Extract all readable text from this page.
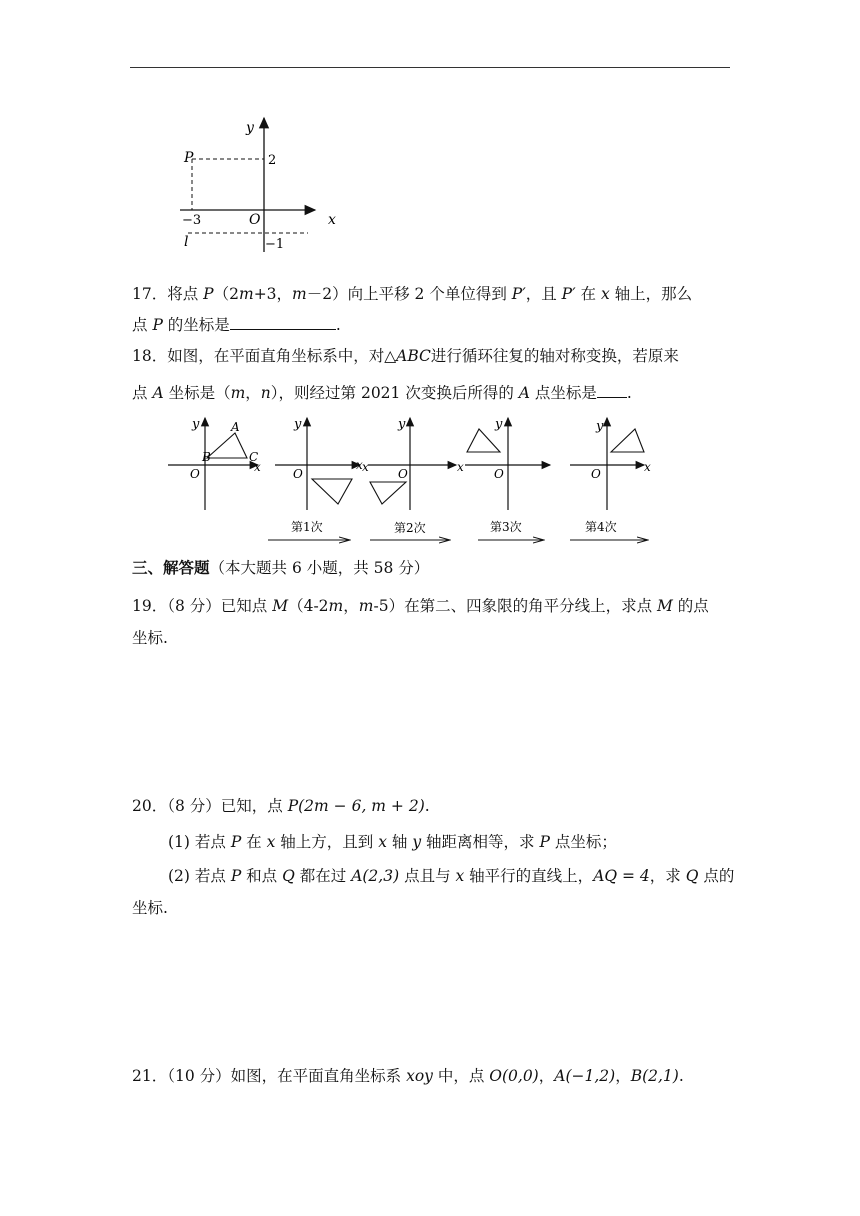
y
x
P	2
−3	O
l	−1
17．将点 P（2m+3，m－2）向上平移 2 个单位得到 P′，且 P′ 在 x 轴上，那么
点 P 的坐标是	.
18．如图，在平面直角坐标系中，对△ABC进行循环往复的轴对称变换，若原来
点 A 坐标是（m，n），则经过第 2021 次变换后所得的 A 点坐标是 .
y	A
B	C
x
O
y
x
O
第1次
y
x	x
O
第2次
y
O
第3次
y
x
O
第4次
三、解答题（本大题共 6 小题，共 58 分）
19．（8 分）已知点 M（4-2m，m-5）在第二、四象限的角平分线上，求点 M 的点
坐标.
20．（8 分）已知，点 P(2m − 6, m + 2).
(1) 若点 P 在 x 轴上方，且到 x 轴 y 轴距离相等，求 P 点坐标；
(2) 若点 P 和点 Q 都在过 A(2,3) 点且与 x 轴平行的直线上，AQ = 4，求 Q 点的
坐标.
21．（10 分）如图，在平面直角坐标系 xoy 中，点 O(0,0)，A(−1,2)，B(2,1).
